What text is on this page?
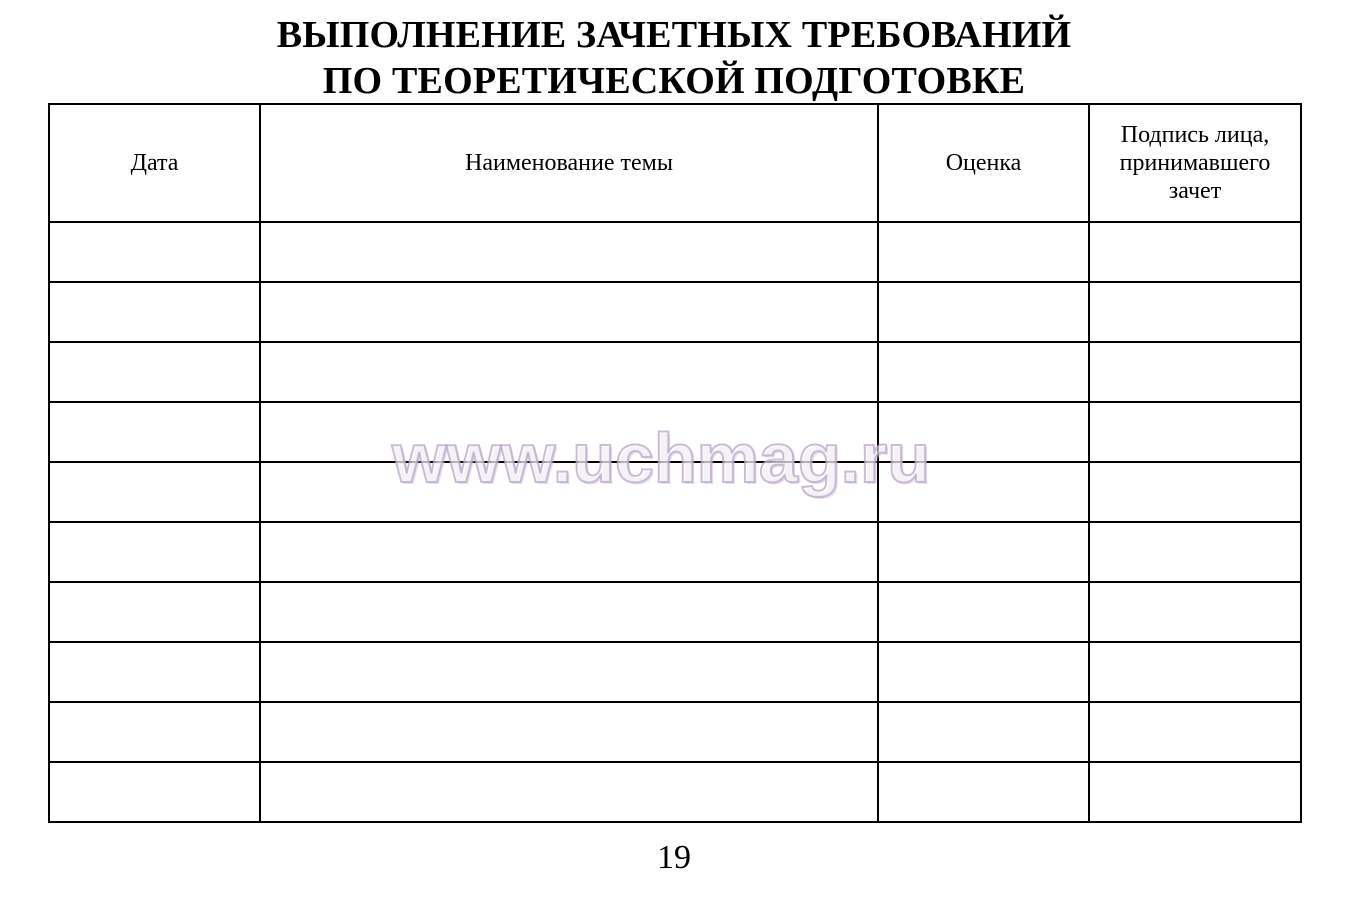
ВЫПОЛНЕНИЕ ЗАЧЕТНЫХ ТРЕБОВАНИЙ
ПО ТЕОРЕТИЧЕСКОЙ ПОДГОТОВКЕ
Дата	Наименование темы	Оценка	Подпись лица, принимавшего зачет

www.uchmag.ru
19
